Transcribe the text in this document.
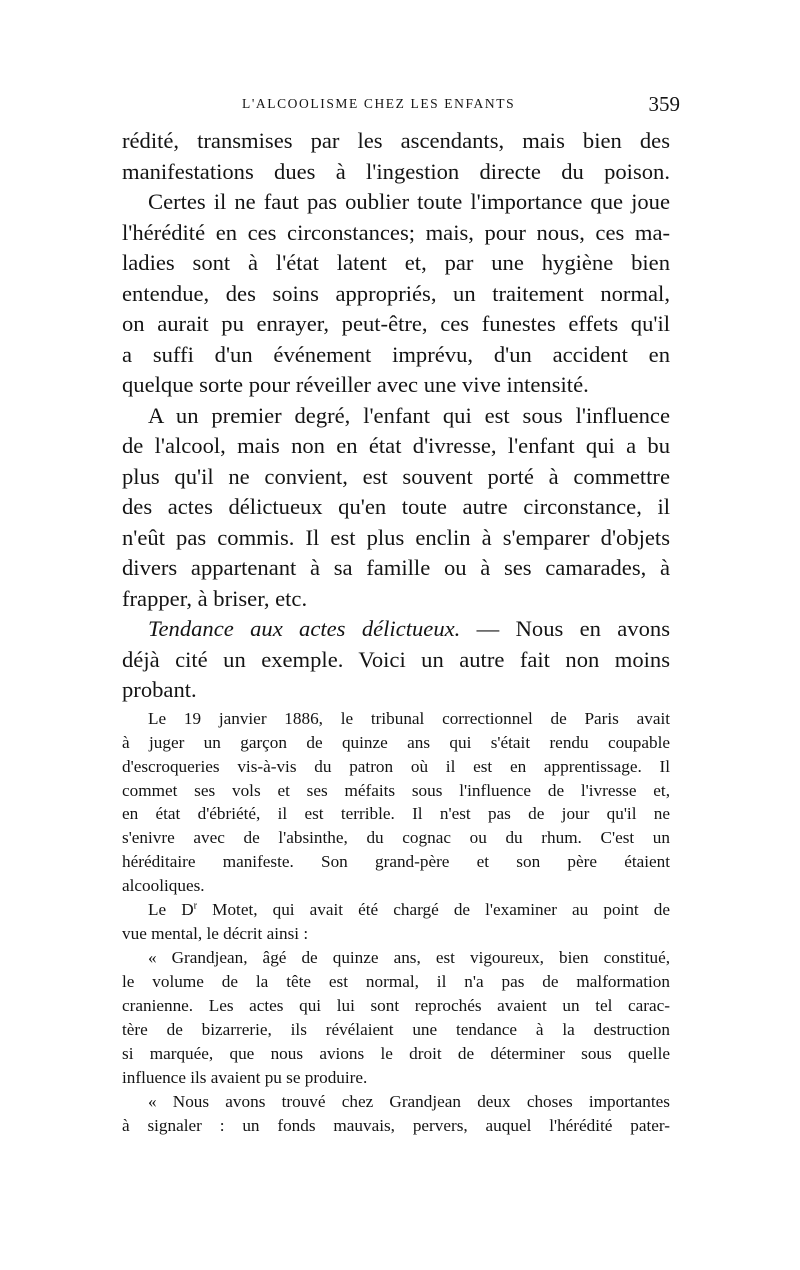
L'ALCOOLISME CHEZ LES ENFANTS	359
rédité, transmises par les ascendants, mais bien des
manifestations dues à l'ingestion directe du poison.
Certes il ne faut pas oublier toute l'importance que joue
l'hérédité en ces circonstances; mais, pour nous, ces ma-
ladies sont à l'état latent et, par une hygiène bien
entendue, des soins appropriés, un traitement normal,
on aurait pu enrayer, peut-être, ces funestes effets qu'il
a suffi d'un événement imprévu, d'un accident en
quelque sorte pour réveiller avec une vive intensité.
A un premier degré, l'enfant qui est sous l'influence
de l'alcool, mais non en état d'ivresse, l'enfant qui a bu
plus qu'il ne convient, est souvent porté à commettre
des actes délictueux qu'en toute autre circonstance, il
n'eût pas commis. Il est plus enclin à s'emparer d'objets
divers appartenant à sa famille ou à ses camarades, à
frapper, à briser, etc.
Tendance aux actes délictueux. — Nous en avons
déjà cité un exemple. Voici un autre fait non moins
probant.
Le 19 janvier 1886, le tribunal correctionnel de Paris avait
à juger un garçon de quinze ans qui s'était rendu coupable
d'escroqueries vis-à-vis du patron où il est en apprentissage. Il
commet ses vols et ses méfaits sous l'influence de l'ivresse et,
en état d'ébriété, il est terrible. Il n'est pas de jour qu'il ne
s'enivre avec de l'absinthe, du cognac ou du rhum. C'est un
héréditaire manifeste. Son grand-père et son père étaient
alcooliques.
Le $D^r$ Motet, qui avait été chargé de l'examiner au point de
vue mental, le décrit ainsi :
« Grandjean, âgé de quinze ans, est vigoureux, bien constitué,
le volume de la tête est normal, il n'a pas de malformation
cranienne. Les actes qui lui sont reprochés avaient un tel carac-
tère de bizarrerie, ils révélaient une tendance à la destruction
si marquée, que nous avions le droit de déterminer sous quelle
influence ils avaient pu se produire.
« Nous avons trouvé chez Grandjean deux choses importantes
à signaler : un fonds mauvais, pervers, auquel l'hérédité pater-
